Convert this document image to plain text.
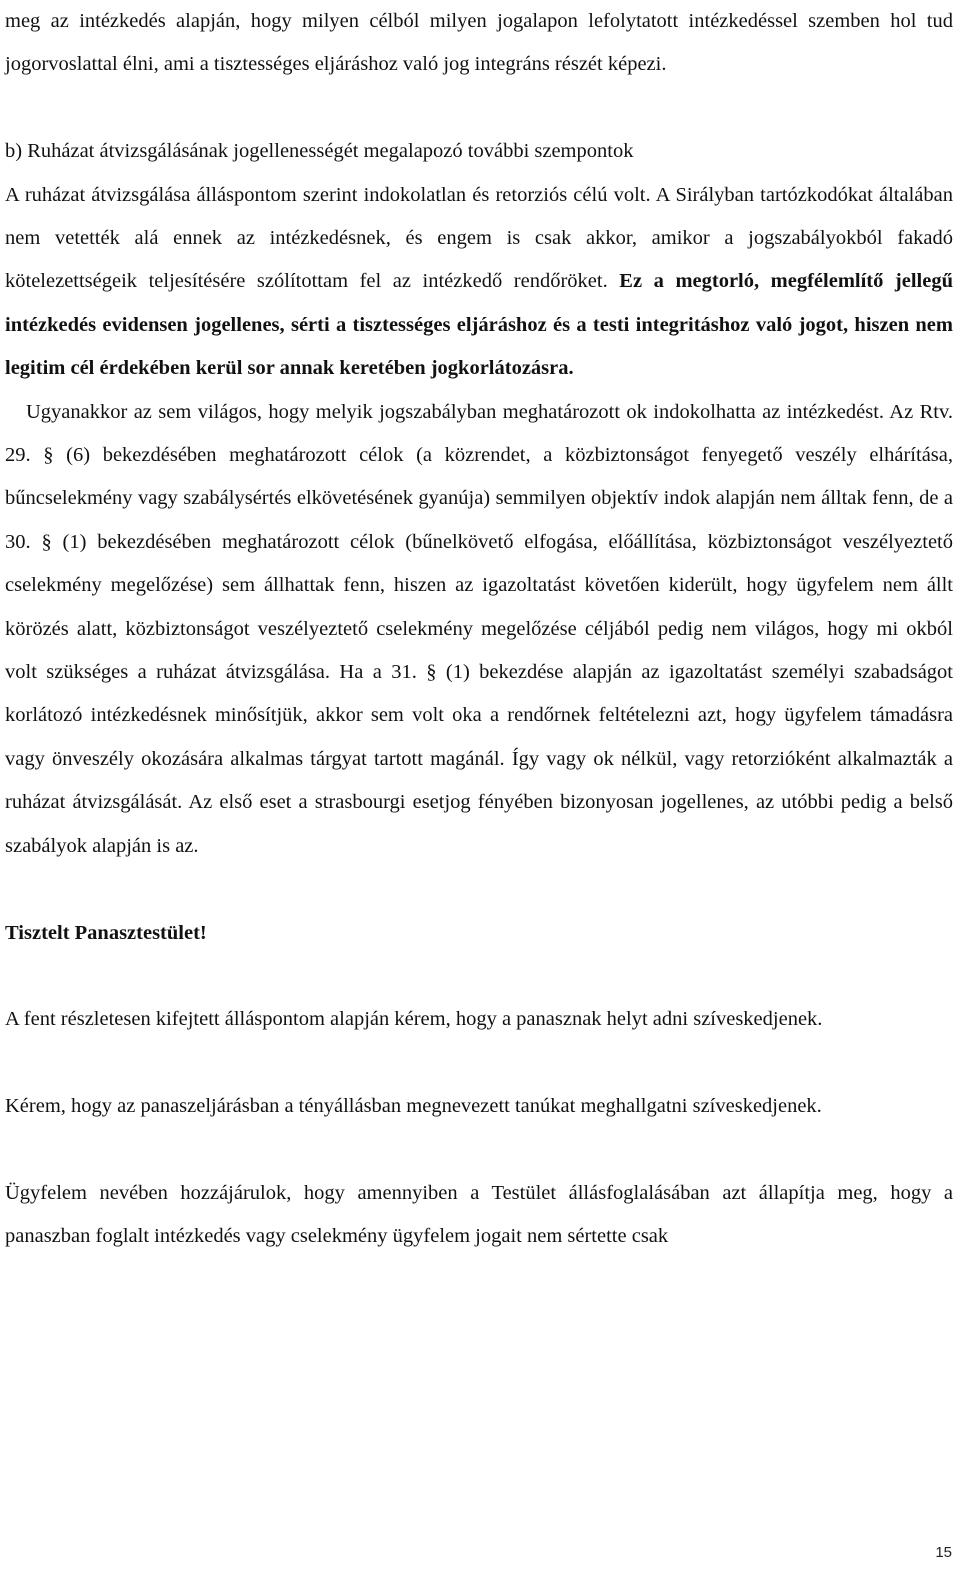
meg az intézkedés alapján, hogy milyen célból milyen jogalapon lefolytatott intézkedéssel szemben hol tud jogorvoslattal élni, ami a tisztességes eljáráshoz való jog integráns részét képezi.

b) Ruházat átvizsgálásának jogellenességét megalapozó további szempontok

A ruházat átvizsgálása álláspontom szerint indokolatlan és retorziós célú volt. A Sirályban tartózkodókat általában nem vetették alá ennek az intézkedésnek, és engem is csak akkor, amikor a jogszabályokból fakadó kötelezettségeik teljesítésére szólítottam fel az intézkedő rendőröket. Ez a megtorló, megfélemlítő jellegű intézkedés evidensen jogellenes, sérti a tisztességes eljáráshoz és a testi integritáshoz való jogot, hiszen nem legitim cél érdekében kerül sor annak keretében jogkorlátozásra.

Ugyanakkor az sem világos, hogy melyik jogszabályban meghatározott ok indokolhatta az intézkedést. Az Rtv. 29. § (6) bekezdésében meghatározott célok (a közrendet, a közbiztonságot fenyegető veszély elhárítása, bűncselekmény vagy szabálysértés elkövetésének gyanúja) semmilyen objektív indok alapján nem álltak fenn, de a 30. § (1) bekezdésében meghatározott célok (bűnelkövető elfogása, előállítása, közbiztonságot veszélyeztető cselekmény megelőzése) sem állhattak fenn, hiszen az igazoltatást követően kiderült, hogy ügyfelem nem állt körözés alatt, közbiztonságot veszélyeztető cselekmény megelőzése céljából pedig nem világos, hogy mi okból volt szükséges a ruházat átvizsgálása. Ha a 31. § (1) bekezdése alapján az igazoltatást személyi szabadságot korlátozó intézkedésnek minősítjük, akkor sem volt oka a rendőrnek feltételezni azt, hogy ügyfelem támadásra vagy önveszély okozására alkalmas tárgyat tartott magánál. Így vagy ok nélkül, vagy retorzióként alkalmazták a ruházat átvizsgálását. Az első eset a strasbourgi esetjog fényében bizonyosan jogellenes, az utóbbi pedig a belső szabályok alapján is az.

Tisztelt Panasztestület!

A fent részletesen kifejtett álláspontom alapján kérem, hogy a panasznak helyt adni szíveskedjenek.

Kérem, hogy az panaszeljárásban a tényállásban megnevezett tanúkat meghallgatni szíveskedjenek.

Ügyfelem nevében hozzájárulok, hogy amennyiben a Testület állásfoglalásában azt állapítja meg, hogy a panaszban foglalt intézkedés vagy cselekmény ügyfelem jogait nem sértette csak

15
